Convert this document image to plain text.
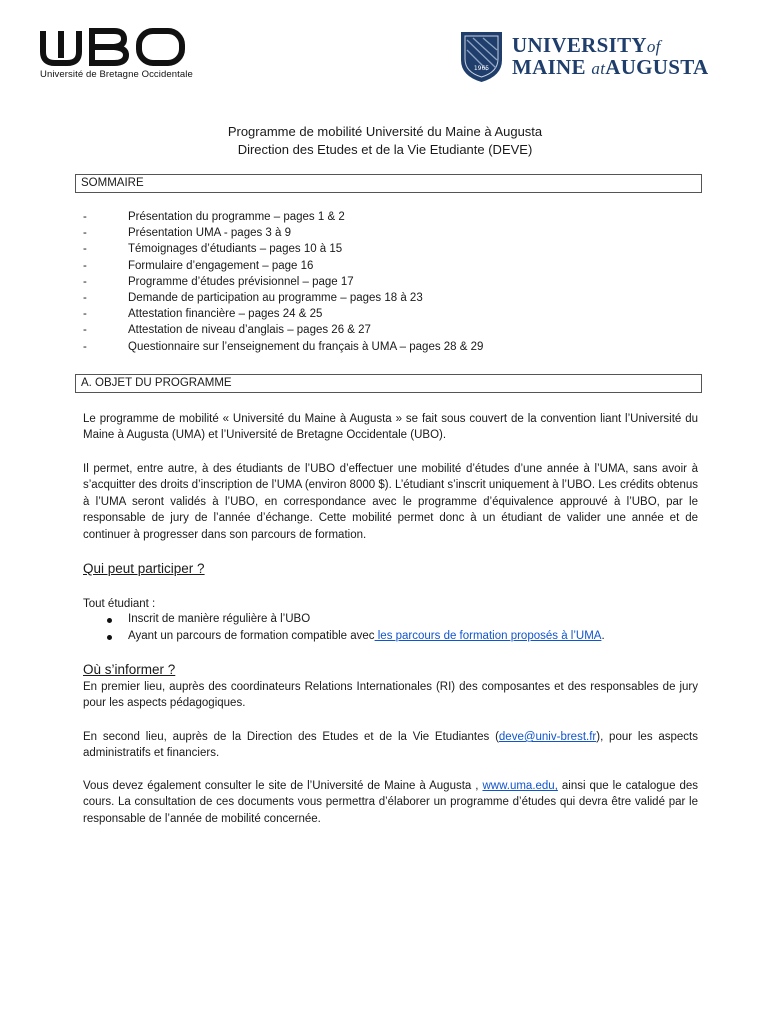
Université de Bretagne Occidentale
1965
UNIVERSITYof
MAINE atAUGUSTA
Programme de mobilité Université du Maine à Augusta
Direction des Etudes et de la Vie Etudiante (DEVE)
SOMMAIRE
-	Présentation du programme – pages 1 & 2
-	Présentation UMA - pages 3 à 9
-	Témoignages d’étudiants – pages 10 à 15
-	Formulaire d’engagement – page 16
-	Programme d’études prévisionnel – page 17
-	Demande de participation au programme – pages 18 à 23
-	Attestation financière – pages 24 & 25
-	Attestation de niveau d’anglais – pages 26 & 27
-	Questionnaire sur l’enseignement du français à UMA – pages 28 & 29
A. OBJET DU PROGRAMME

Le programme de mobilité « Université du Maine à Augusta » se fait sous couvert de la convention liant l’Université du Maine à Augusta (UMA) et l’Université de Bretagne Occidentale (UBO).

Il permet, entre autre, à des étudiants de l’UBO d’effectuer une mobilité d’études d’une année à l’UMA, sans avoir à s’acquitter des droits d’inscription de l’UMA (environ 8000 $). L’étudiant s’inscrit uniquement à l’UBO. Les crédits obtenus à l’UMA seront validés à l’UBO, en correspondance avec le programme d’équivalence approuvé à l’UBO, par le responsable de jury de l’année d’échange. Cette mobilité permet donc à un étudiant de valider une année et de continuer à progresser dans son parcours de formation.

Qui peut participer ?
Tout étudiant :
Inscrit de manière régulière à l’UBO
Ayant un parcours de formation compatible avec les parcours de formation proposés à l’UMA.
Où s’informer ?

En premier lieu, auprès des coordinateurs Relations Internationales (RI) des composantes et des responsables de jury pour les aspects pédagogiques.

En second lieu, auprès de la Direction des Etudes et de la Vie Etudiantes (deve@univ-brest.fr), pour les aspects administratifs et financiers.

Vous devez également consulter le site de l’Université de Maine à Augusta , www.uma.edu, ainsi que le catalogue des cours. La consultation de ces documents vous permettra d’élaborer un programme d’études qui devra être validé par le responsable de l’année de mobilité concernée.
